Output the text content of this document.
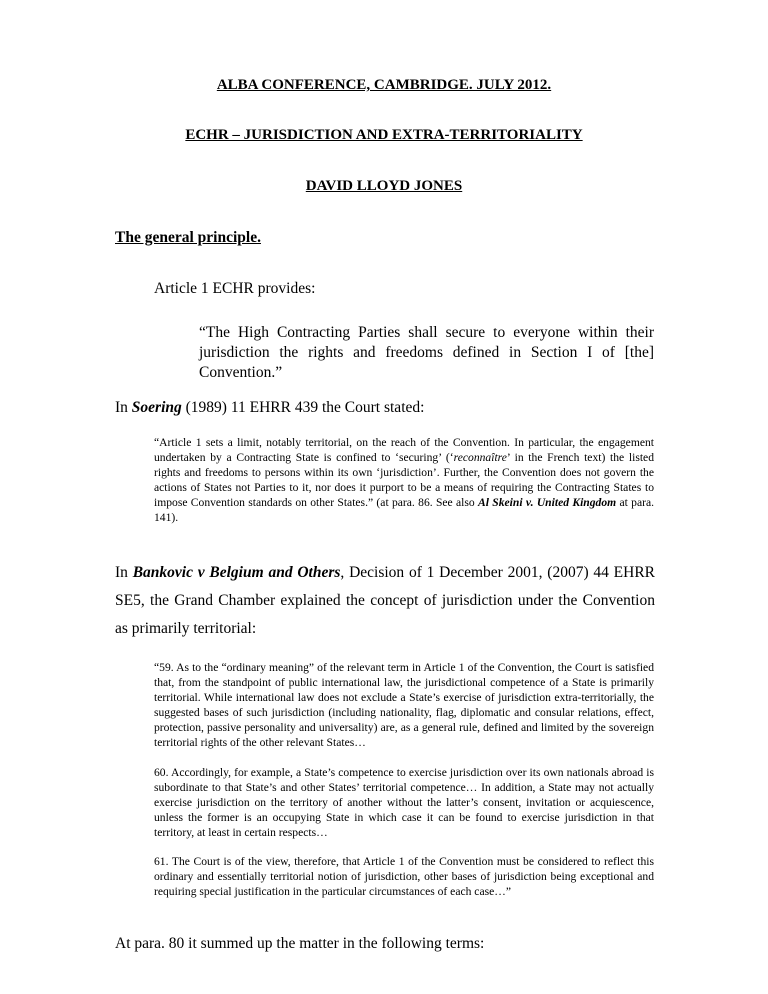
ALBA CONFERENCE, CAMBRIDGE. JULY 2012.
ECHR – JURISDICTION AND EXTRA-TERRITORIALITY
DAVID LLOYD JONES
The general principle.
Article 1 ECHR provides:
“The High Contracting Parties shall secure to everyone within their jurisdiction the rights and freedoms defined in Section I of [the] Convention.”
In Soering (1989) 11 EHRR 439 the Court stated:
“Article 1 sets a limit, notably territorial, on the reach of the Convention. In particular, the engagement undertaken by a Contracting State is confined to ‘securing’ (‘reconnaître’ in the French text) the listed rights and freedoms to persons within its own ‘jurisdiction’. Further, the Convention does not govern the actions of States not Parties to it, nor does it purport to be a means of requiring the Contracting States to impose Convention standards on other States.” (at para. 86. See also Al Skeini v. United Kingdom at para. 141).
In Bankovic v Belgium and Others, Decision of 1 December 2001, (2007) 44 EHRR SE5, the Grand Chamber explained the concept of jurisdiction under the Convention as primarily territorial:
“59. As to the “ordinary meaning” of the relevant term in Article 1 of the Convention, the Court is satisfied that, from the standpoint of public international law, the jurisdictional competence of a State is primarily territorial. While international law does not exclude a State’s exercise of jurisdiction extra-territorially, the suggested bases of such jurisdiction (including nationality, flag, diplomatic and consular relations, effect, protection, passive personality and universality) are, as a general rule, defined and limited by the sovereign territorial rights of the other relevant States…
60. Accordingly, for example, a State’s competence to exercise jurisdiction over its own nationals abroad is subordinate to that State’s and other States’ territorial competence… In addition, a State may not actually exercise jurisdiction on the territory of another without the latter’s consent, invitation or acquiescence, unless the former is an occupying State in which case it can be found to exercise jurisdiction in that territory, at least in certain respects…
61. The Court is of the view, therefore, that Article 1 of the Convention must be considered to reflect this ordinary and essentially territorial notion of jurisdiction, other bases of jurisdiction being exceptional and requiring special justification in the particular circumstances of each case…”
At para. 80 it summed up the matter in the following terms:
